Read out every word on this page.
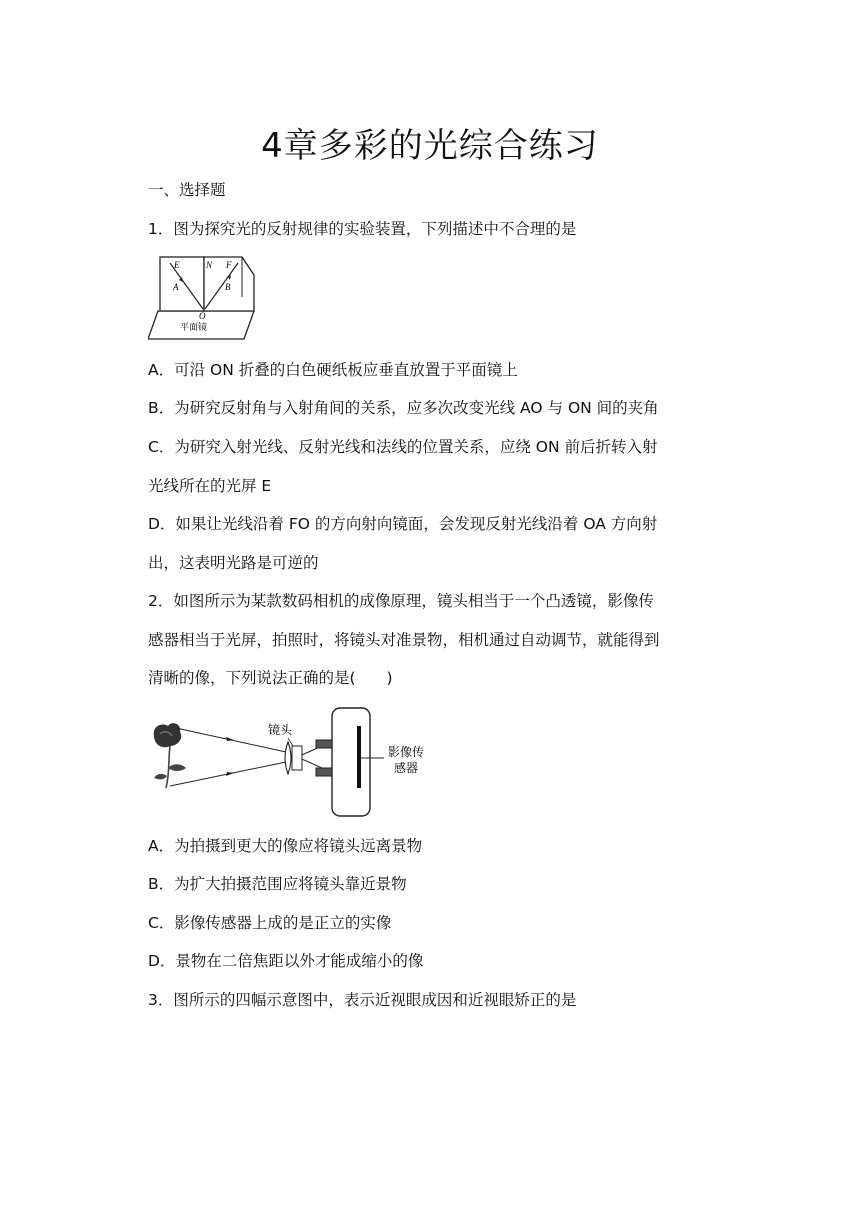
4章多彩的光综合练习
一、选择题
1．图为探究光的反射规律的实验装置，下列描述中不合理的是
E	N F
A	B
O
平面镜
A．可沿 ON 折叠的白色硬纸板应垂直放置于平面镜上
B．为研究反射角与入射角间的关系，应多次改变光线 AO 与 ON 间的夹角
C．为研究入射光线、反射光线和法线的位置关系，应绕 ON 前后折转入射
光线所在的光屏 E
D．如果让光线沿着 FO 的方向射向镜面，会发现反射光线沿着 OA 方向射
出，这表明光路是可逆的
2．如图所示为某款数码相机的成像原理，镜头相当于一个凸透镜，影像传
感器相当于光屏，拍照时，将镜头对准景物，相机通过自动调节，就能得到
清晰的像，下列说法正确的是(　　)
镜头
影像传
感器
A．为拍摄到更大的像应将镜头远离景物
B．为扩大拍摄范围应将镜头靠近景物
C．影像传感器上成的是正立的实像
D．景物在二倍焦距以外才能成缩小的像
3．图所示的四幅示意图中，表示近视眼成因和近视眼矫正的是
